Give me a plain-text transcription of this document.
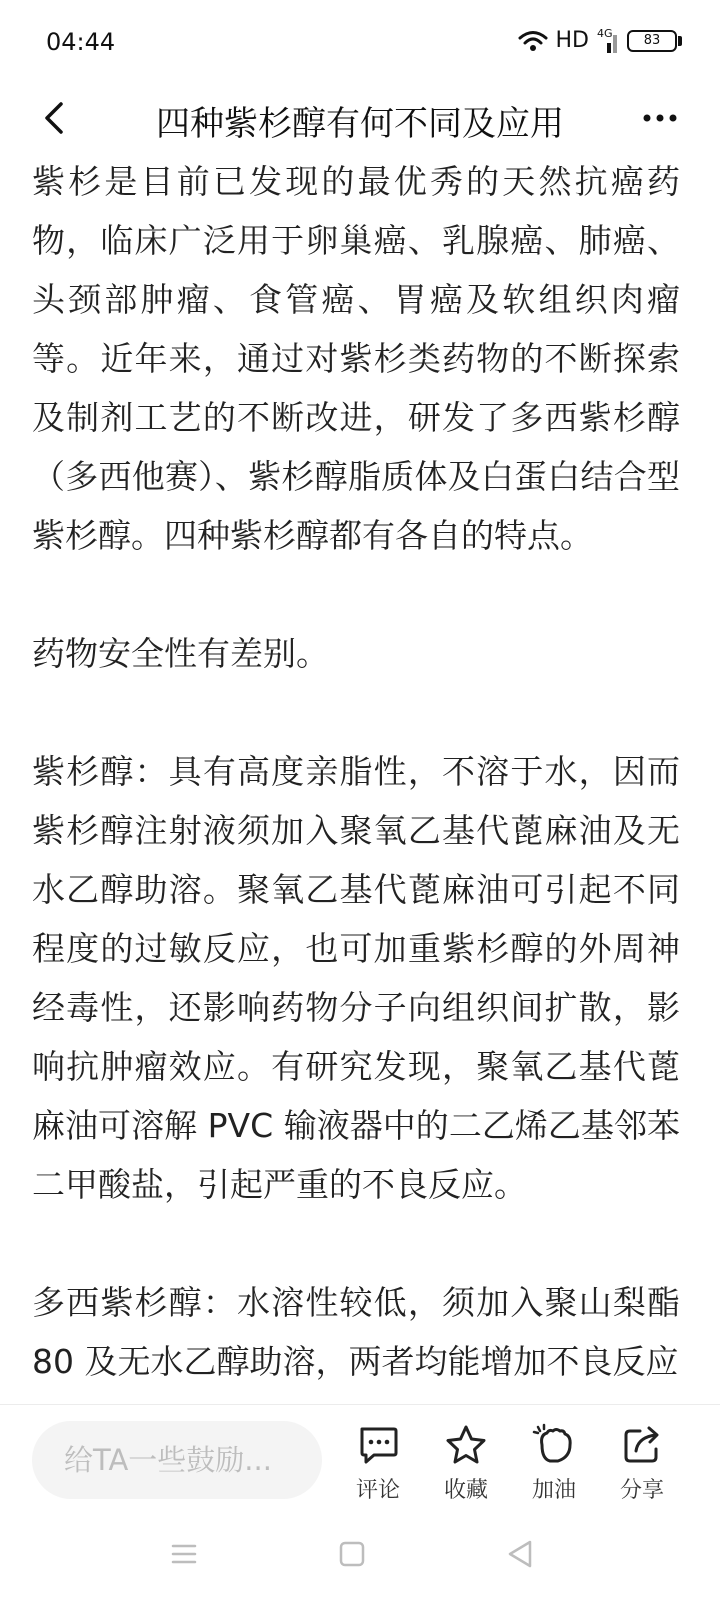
04:44	HD 4G	83
四种紫杉醇有何不同及应用

紫杉是目前已发现的最优秀的天然抗癌药物，临床广泛用于卵巢癌、乳腺癌、肺癌、头颈部肿瘤、食管癌、胃癌及软组织肉瘤等。近年来，通过对紫杉类药物的不断探索及制剂工艺的不断改进，研发了多西紫杉醇（多西他赛）、紫杉醇脂质体及白蛋白结合型紫杉醇。四种紫杉醇都有各自的特点。

药物安全性有差别。

紫杉醇：具有高度亲脂性，不溶于水，因而紫杉醇注射液须加入聚氧乙基代蓖麻油及无水乙醇助溶。聚氧乙基代蓖麻油可引起不同程度的过敏反应，也可加重紫杉醇的外周神经毒性，还影响药物分子向组织间扩散，影响抗肿瘤效应。有研究发现，聚氧乙基代蓖麻油可溶解 PVC 输液器中的二乙烯乙基邻苯二甲酸盐，引起严重的不良反应。

多西紫杉醇：水溶性较低，须加入聚山梨酯 80 及无水乙醇助溶，两者均能增加不良反应

给TA一些鼓励...
评论 收藏 加油 分享
